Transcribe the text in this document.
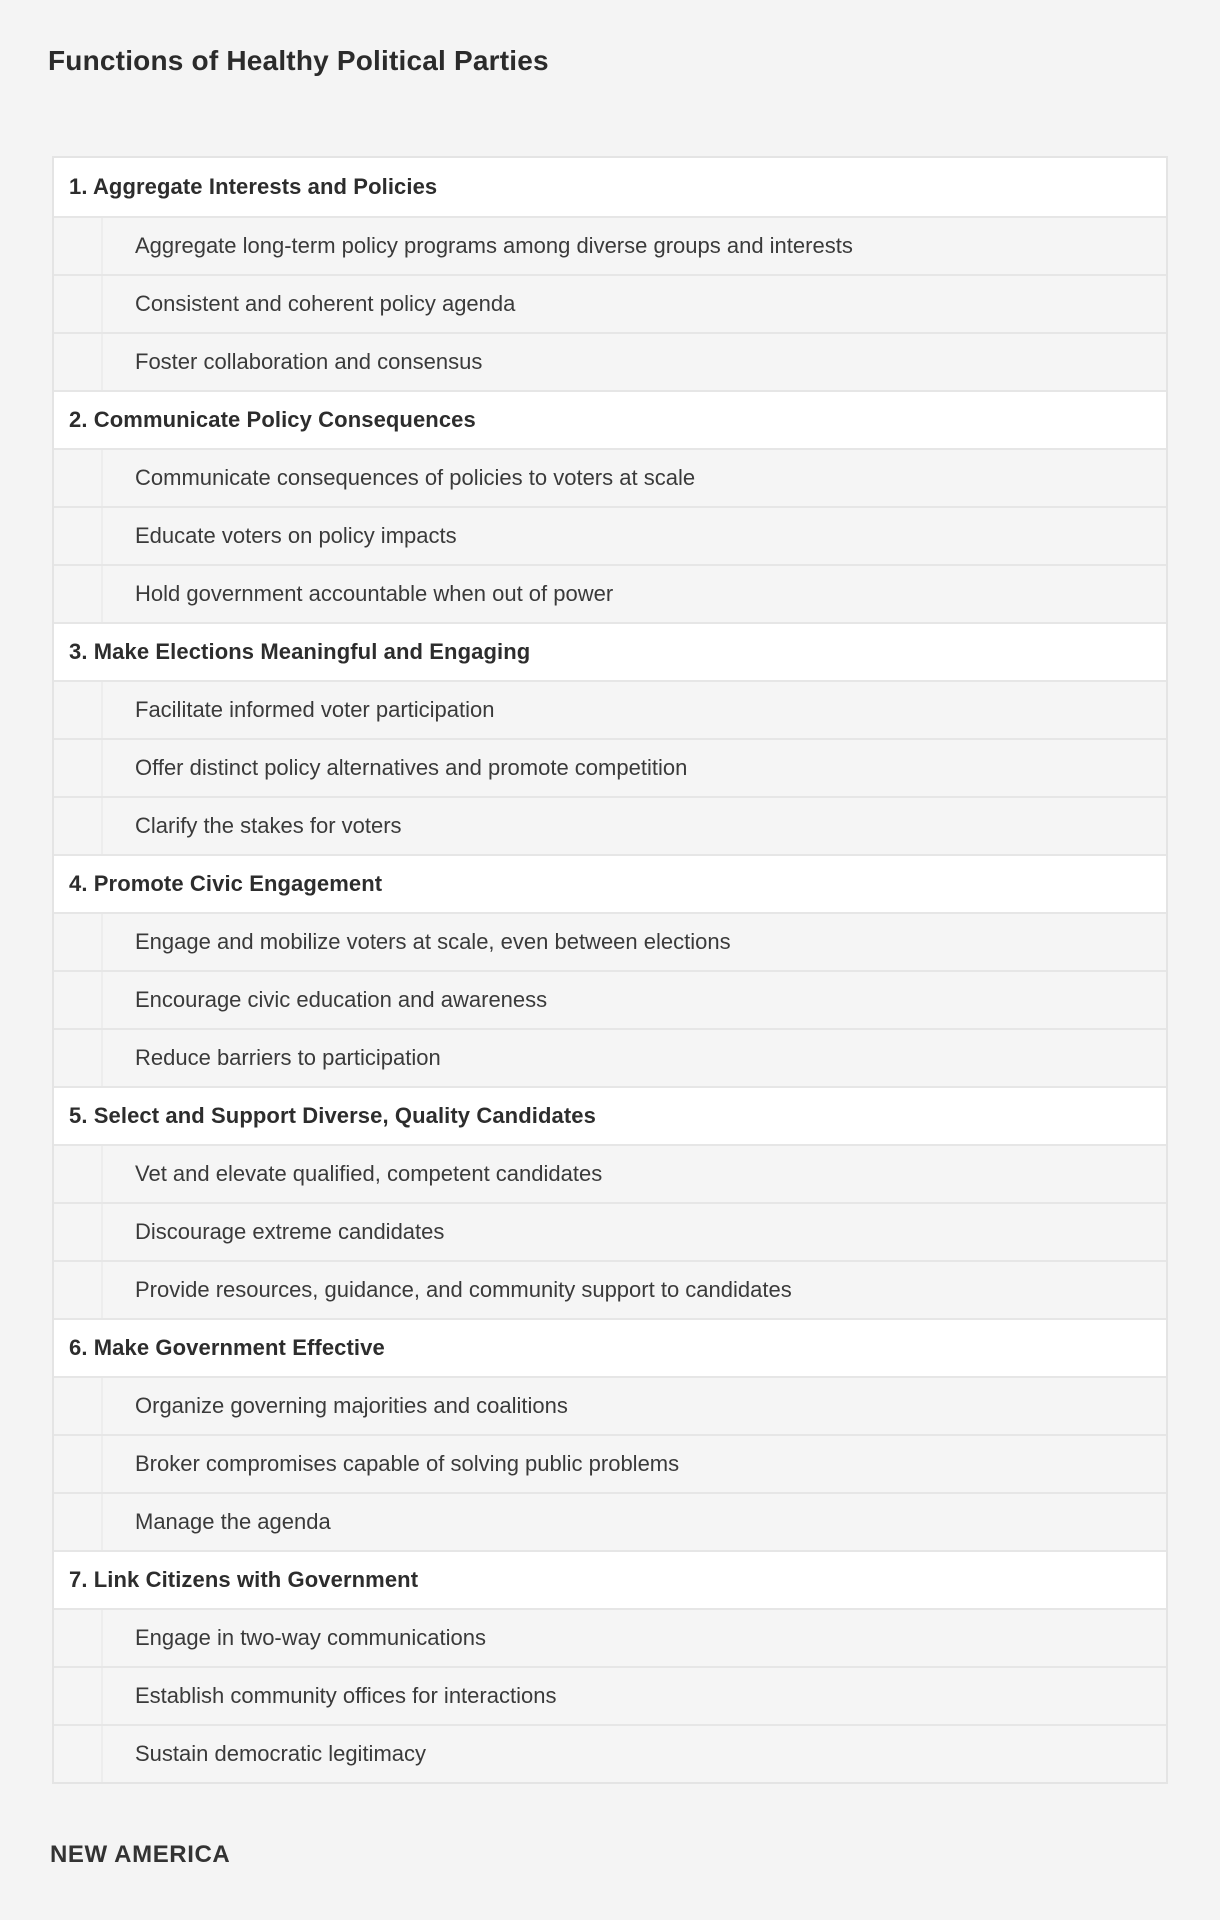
Functions of Healthy Political Parties
1. Aggregate Interests and Policies
Aggregate long-term policy programs among diverse groups and interests
Consistent and coherent policy agenda
Foster collaboration and consensus
2. Communicate Policy Consequences
Communicate consequences of policies to voters at scale
Educate voters on policy impacts
Hold government accountable when out of power
3. Make Elections Meaningful and Engaging
Facilitate informed voter participation
Offer distinct policy alternatives and promote competition
Clarify the stakes for voters
4. Promote Civic Engagement
Engage and mobilize voters at scale, even between elections
Encourage civic education and awareness
Reduce barriers to participation
5. Select and Support Diverse, Quality Candidates
Vet and elevate qualified, competent candidates
Discourage extreme candidates
Provide resources, guidance, and community support to candidates
6. Make Government Effective
Organize governing majorities and coalitions
Broker compromises capable of solving public problems
Manage the agenda
7. Link Citizens with Government
Engage in two-way communications
Establish community offices for interactions
Sustain democratic legitimacy
NEW AMERICA
